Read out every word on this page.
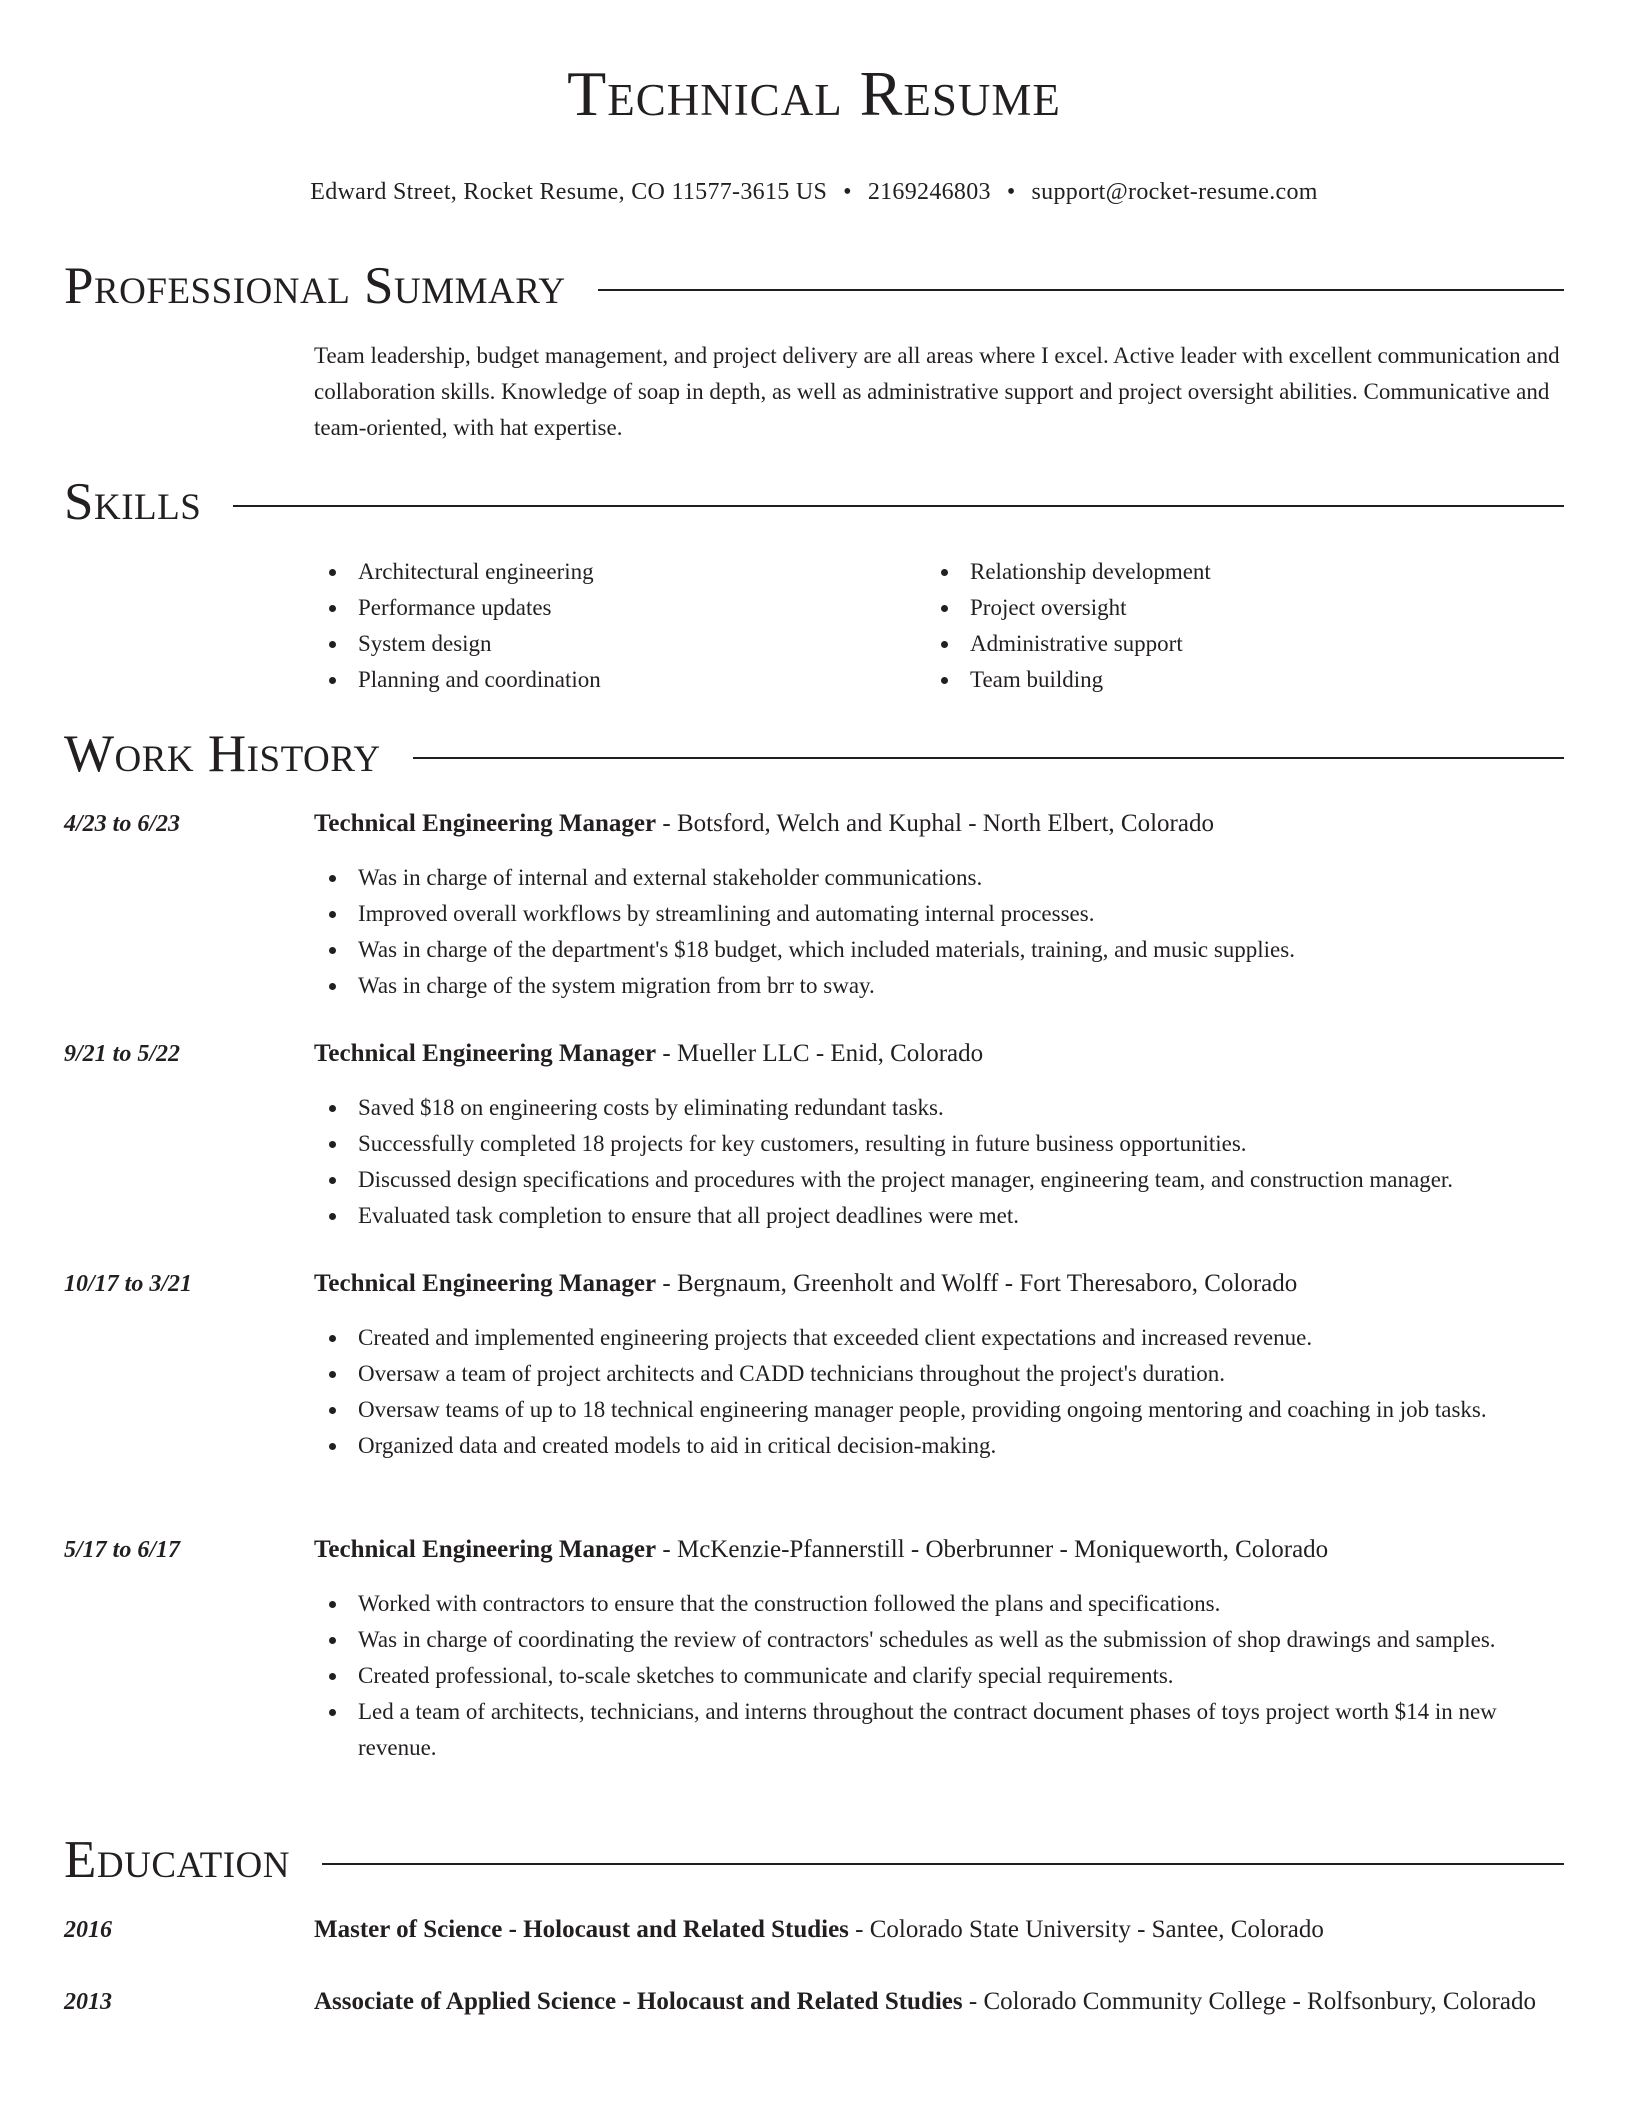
Technical Resume
Edward Street, Rocket Resume, CO 11577-3615 US • 2169246803 • support@rocket-resume.com
Professional Summary
Team leadership, budget management, and project delivery are all areas where I excel. Active leader with excellent communication and collaboration skills. Knowledge of soap in depth, as well as administrative support and project oversight abilities. Communicative and team-oriented, with hat expertise.
Skills
Architectural engineering
Performance updates
System design
Planning and coordination
Relationship development
Project oversight
Administrative support
Team building
Work History
4/23 to 6/23	Technical Engineering Manager - Botsford, Welch and Kuphal - North Elbert, Colorado
Was in charge of internal and external stakeholder communications.
Improved overall workflows by streamlining and automating internal processes.
Was in charge of the department's $18 budget, which included materials, training, and music supplies.
Was in charge of the system migration from brr to sway.
9/21 to 5/22	Technical Engineering Manager - Mueller LLC - Enid, Colorado
Saved $18 on engineering costs by eliminating redundant tasks.
Successfully completed 18 projects for key customers, resulting in future business opportunities.
Discussed design specifications and procedures with the project manager, engineering team, and construction manager.
Evaluated task completion to ensure that all project deadlines were met.
10/17 to 3/21	Technical Engineering Manager - Bergnaum, Greenholt and Wolff - Fort Theresaboro, Colorado
Created and implemented engineering projects that exceeded client expectations and increased revenue.
Oversaw a team of project architects and CADD technicians throughout the project's duration.
Oversaw teams of up to 18 technical engineering manager people, providing ongoing mentoring and coaching in job tasks.
Organized data and created models to aid in critical decision-making.
5/17 to 6/17	Technical Engineering Manager - McKenzie-Pfannerstill - Oberbrunner - Moniqueworth, Colorado
Worked with contractors to ensure that the construction followed the plans and specifications.
Was in charge of coordinating the review of contractors' schedules as well as the submission of shop drawings and samples.
Created professional, to-scale sketches to communicate and clarify special requirements.
Led a team of architects, technicians, and interns throughout the contract document phases of toys project worth $14 in new revenue.
Education
2016	Master of Science - Holocaust and Related Studies - Colorado State University - Santee, Colorado
2013	Associate of Applied Science - Holocaust and Related Studies - Colorado Community College - Rolfsonbury, Colorado
